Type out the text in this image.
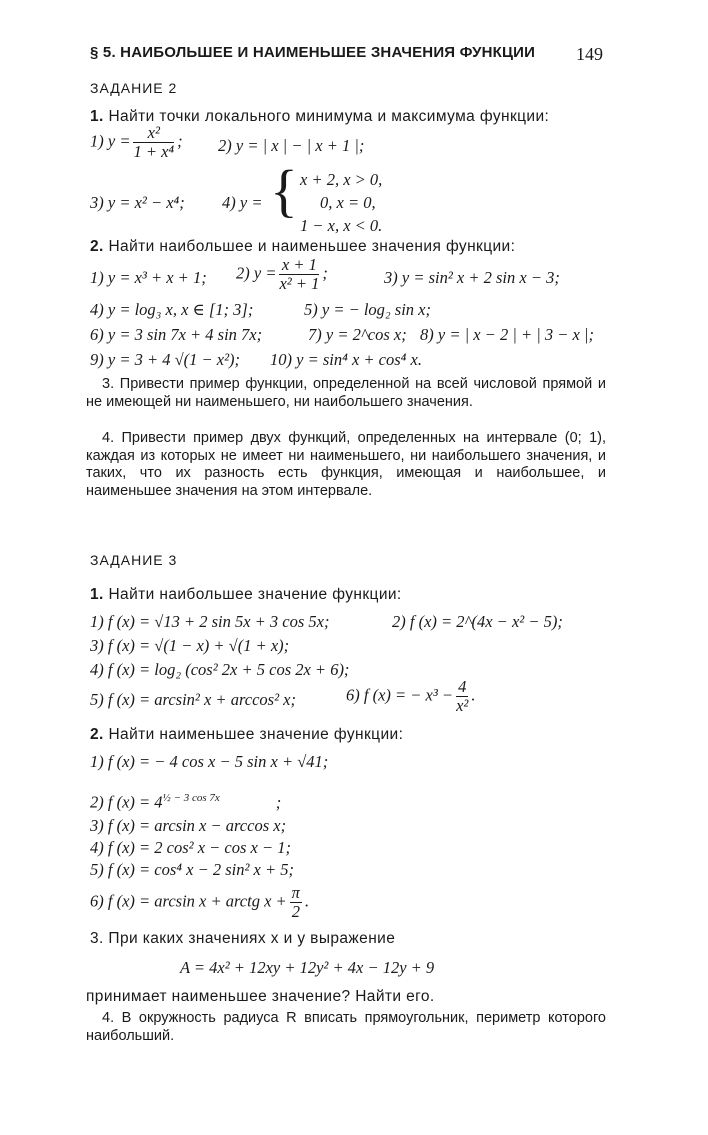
§ 5. НАИБОЛЬШЕЕ И НАИМЕНЬШЕЕ ЗНАЧЕНИЯ ФУНКЦИИ 149
ЗАДАНИЕ 2
1. Найти точки локального минимума и максимума функции:
1) $y = \frac{\text{x²}}{\text{1 + x⁴}}$ ; 2) y = | x | − | x + 1 |;
3) y = x² − x⁴; 4) y = { x + 2, x > 0,
0, x = 0,
1 − x, x < 0.
2. Найти наибольшее и наименьшее значения функции:
1) y = x³ + x + 1; 2) $y = \frac{x + 1}{\text{x² + 1}}$ ;	3) y = sin² x + 2 sin x − 3;
4) y = log₃ x, x ∈ [1; 3];	5) y = − log₂ sin x;
6) y = 3 sin 7x + 4 sin 7x;	7) y = 2^cos x; 8) y = | x − 2 | + | 3 − x |;
9) y = 3 + 4 √(1 − x²); 10) y = sin⁴ x + cos⁴ x.
3. Привести пример функции, определенной на всей числовой прямой и не имеющей ни наименьшего, ни наибольшего значения.
4. Привести пример двух функций, определенных на интервале (0; 1), каждая из которых не имеет ни наименьшего, ни наибольшего значения, и таких, что их разность есть функция, имеющая и наибольшее, и наименьшее значения на этом интервале.
ЗАДАНИЕ 3
1. Найти наибольшее значение функции:
1) f (x) = √13 + 2 sin 5x + 3 cos 5x;	2) f (x) = 2^(4x − x² − 5);
3) f (x) = √(1 − x) + √(1 + x);
4) f (x) = log₂ (cos² 2x + 5 cos 2x + 6);
5) f (x) = arcsin² x + arccos² x;	6) f (x) = − $x^3 - \frac{4}{\text{x²}}$ .
2. Найти наименьшее значение функции:
1) f (x) = − 4 cos x − 5 sin x + √41;
2) f $(x) = 4^{\frac{1}{2} - 3 cos 7x}$	;
3) f (x) = arcsin x − arccos x;
4) f (x) = 2 cos² x − cos x − 1;
5) f (x) = cos⁴ x − 2 sin² x + 5;
6) f (x) = arcsin x + arctg $x + \frac{\pi}{2}$ .
3. При каких значениях x и y выражение
A = 4x² + 12xy + 12y² + 4x − 12y + 9
принимает наименьшее значение? Найти его.
4. В окружность радиуса R вписать прямоугольник, периметр которого наибольший.
